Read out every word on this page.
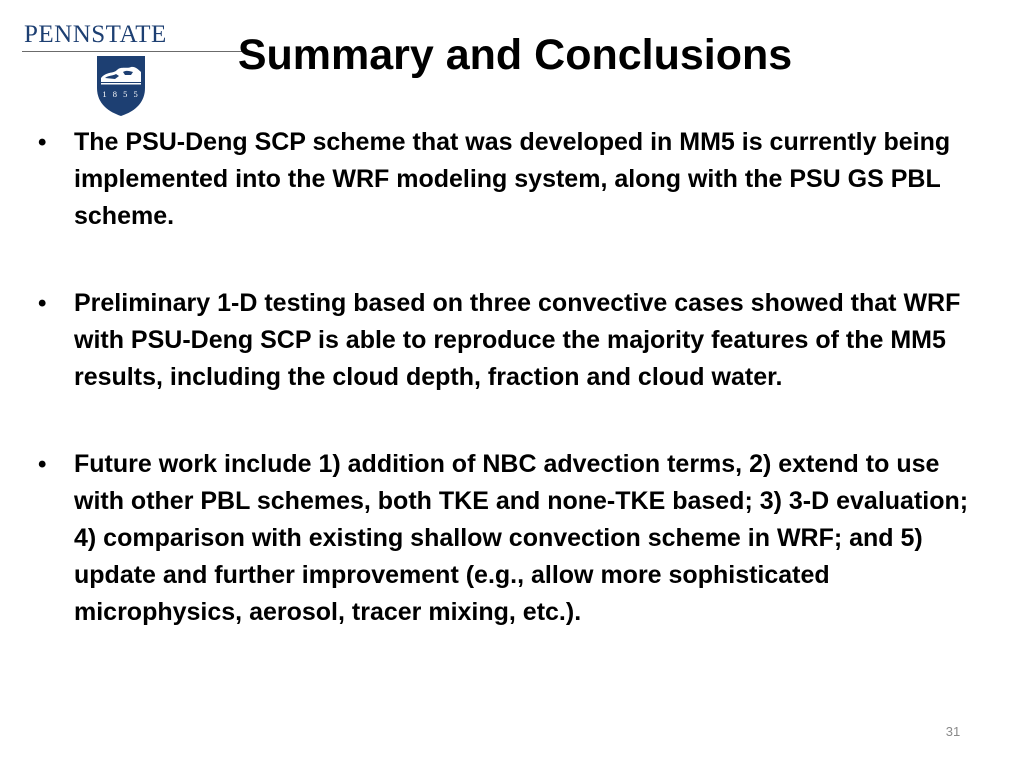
PENNSTATE
1 8 5 5
Summary and Conclusions
• The PSU-Deng SCP scheme that was developed in MM5 is currently being implemented into the WRF modeling system, along with the PSU GS PBL scheme.
• Preliminary 1-D testing based on three convective cases showed that WRF with PSU-Deng SCP is able to reproduce the majority features of the MM5 results, including the cloud depth, fraction and cloud water.
• Future work include 1) addition of NBC advection terms, 2) extend to use with other PBL schemes, both TKE and none-TKE based; 3) 3-D evaluation; 4) comparison with existing shallow convection scheme in WRF; and 5) update and further improvement (e.g., allow more sophisticated microphysics, aerosol, tracer mixing, etc.).
31
